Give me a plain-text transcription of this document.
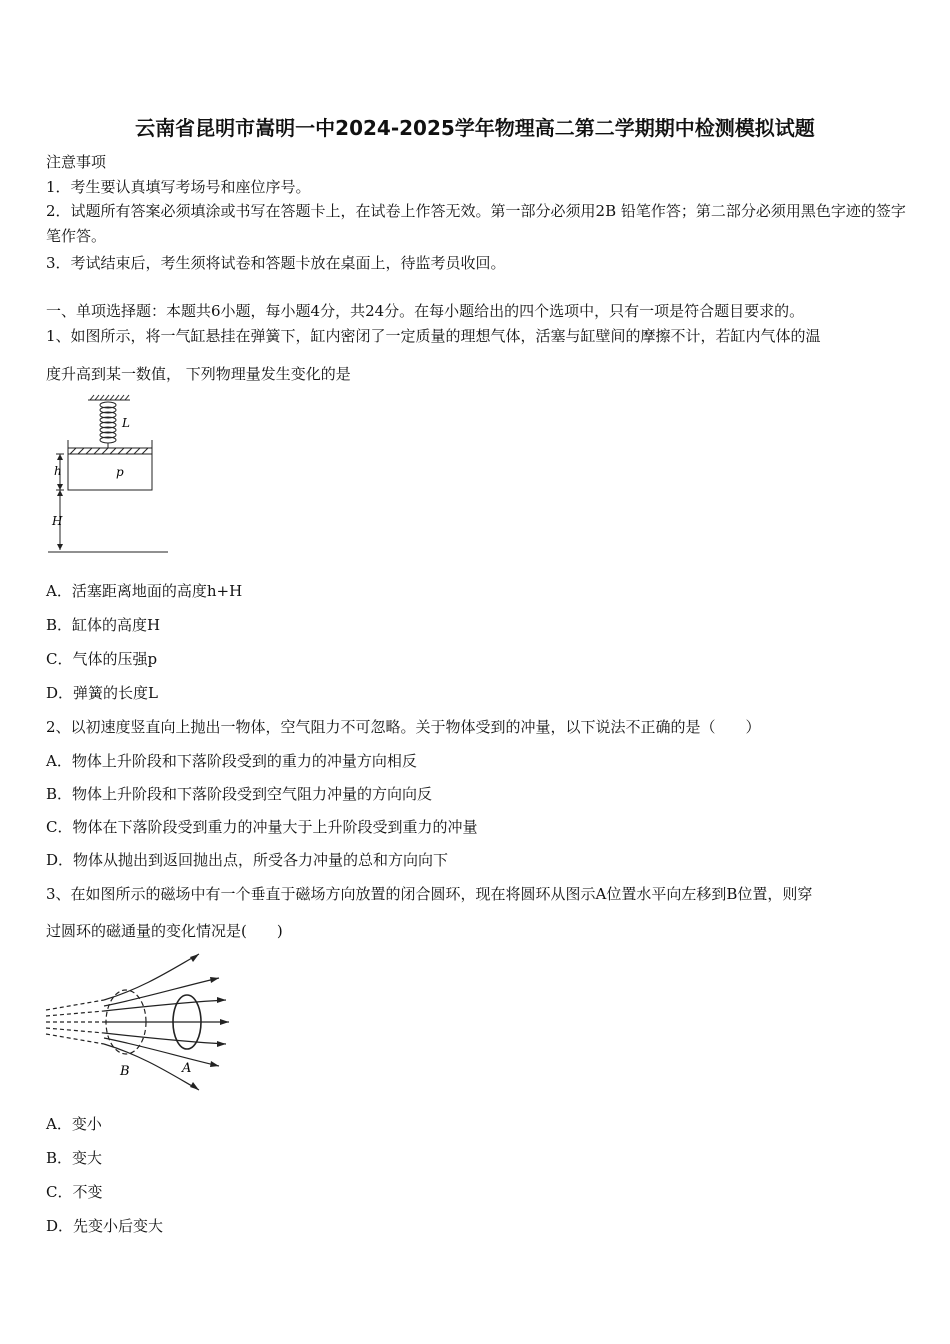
云南省昆明市嵩明一中2024-2025学年物理高二第二学期期中检测模拟试题
注意事项
1．考生要认真填写考场号和座位序号。
2．试题所有答案必须填涂或书写在答题卡上，在试卷上作答无效。第一部分必须用2B 铅笔作答；第二部分必须用黑色字迹的签字笔作答。
3．考试结束后，考生须将试卷和答题卡放在桌面上，待监考员收回。
一、单项选择题：本题共6小题，每小题4分，共24分。在每小题给出的四个选项中，只有一项是符合题目要求的。
1、如图所示，将一气缸悬挂在弹簧下，缸内密闭了一定质量的理想气体，活塞与缸壁间的摩擦不计，若缸内气体的温
度升高到某一数值， 下列物理量发生变化的是
L
h	p
H
A．活塞距离地面的高度h+H
B．缸体的高度H
C．气体的压强p
D．弹簧的长度L
2、以初速度竖直向上抛出一物体，空气阻力不可忽略。关于物体受到的冲量，以下说法不正确的是（　　）
A．物体上升阶段和下落阶段受到的重力的冲量方向相反
B．物体上升阶段和下落阶段受到空气阻力冲量的方向向反
C．物体在下落阶段受到重力的冲量大于上升阶段受到重力的冲量
D．物体从抛出到返回抛出点，所受各力冲量的总和方向向下
3、在如图所示的磁场中有一个垂直于磁场方向放置的闭合圆环，现在将圆环从图示A位置水平向左移到B位置，则穿
过圆环的磁通量的变化情况是(　　)
B	A
A．变小
B．变大
C．不变
D．先变小后变大
